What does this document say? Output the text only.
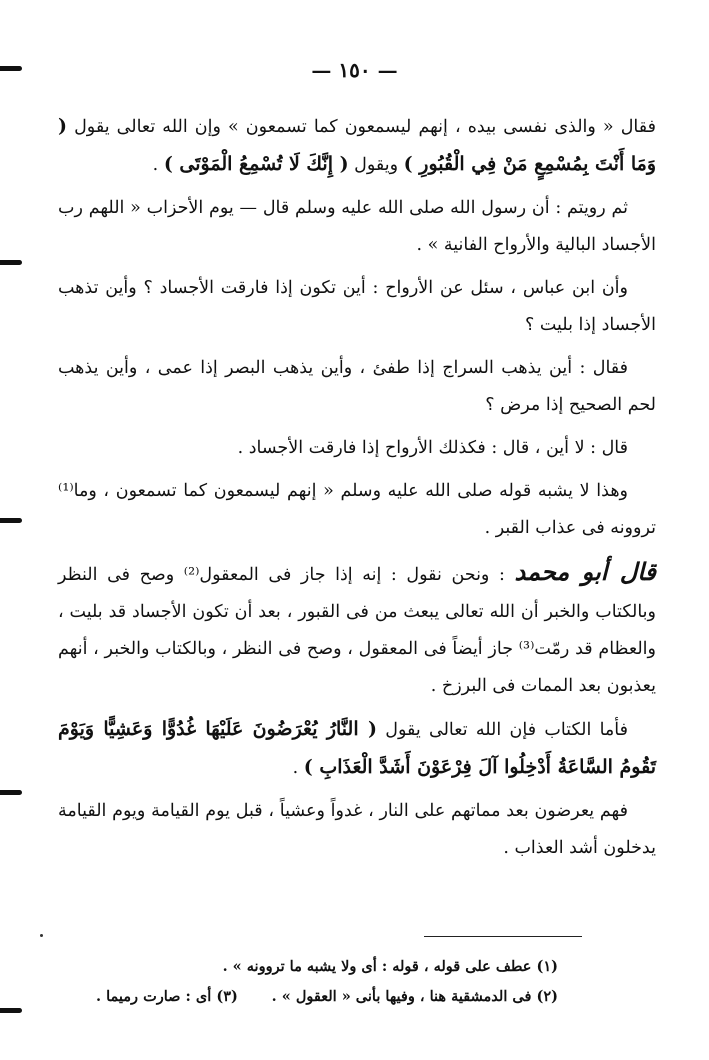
— ١٥٠ —

فقال « والذى نفسى بيده ، إنهم ليسمعون كما تسمعون » وإن الله تعالى يقول ( وَمَا أَنْتَ بِمُسْمِعٍ مَنْ فِي الْقُبُورِ ) ويقول ( إِنَّكَ لَا تُسْمِعُ الْمَوْتَى ) .

ثم رويتم : أن رسول الله صلى الله عليه وسلم قال — يوم الأحزاب « اللهم رب الأجساد البالية والأرواح الفانية » .

وأن ابن عباس ، سئل عن الأرواح : أين تكون إذا فارقت الأجساد ؟ وأين تذهب الأجساد إذا بليت ؟

فقال : أين يذهب السراج إذا طفئ ، وأين يذهب البصر إذا عمى ، وأين يذهب لحم الصحيح إذا مرض ؟

قال : لا أين ، قال : فكذلك الأرواح إذا فارقت الأجساد .

وهذا لا يشبه قوله صلى الله عليه وسلم « إنهم ليسمعون كما تسمعون ، وما⁽¹⁾ تروونه فى عذاب القبر .

قال أبو محمد : ونحن نقول : إنه إذا جاز فى المعقول⁽²⁾ وصح فى النظر وبالكتاب والخبر أن الله تعالى يبعث من فى القبور ، بعد أن تكون الأجساد قد بليت ، والعظام قد رمّت⁽³⁾ جاز أيضاً فى المعقول ، وصح فى النظر ، وبالكتاب والخبر ، أنهم يعذبون بعد الممات فى البرزخ .

فأما الكتاب فإن الله تعالى يقول ( النَّارُ يُعْرَضُونَ عَلَيْهَا غُدُوًّا وَعَشِيًّا وَيَوْمَ تَقُومُ السَّاعَةُ أَدْخِلُوا آلَ فِرْعَوْنَ أَشَدَّ الْعَذَابِ ) .

فهم يعرضون بعد مماتهم على النار ، غدواً وعشياً ، قبل يوم القيامة ويوم القيامة يدخلون أشد العذاب .

(١) عطف على قوله ، قوله : أى ولا يشبه ما تروونه » .

(٢) فى الدمشقية هنا ، وفيها بأنى « العقول » .
(٣) أى : صارت رميما .
